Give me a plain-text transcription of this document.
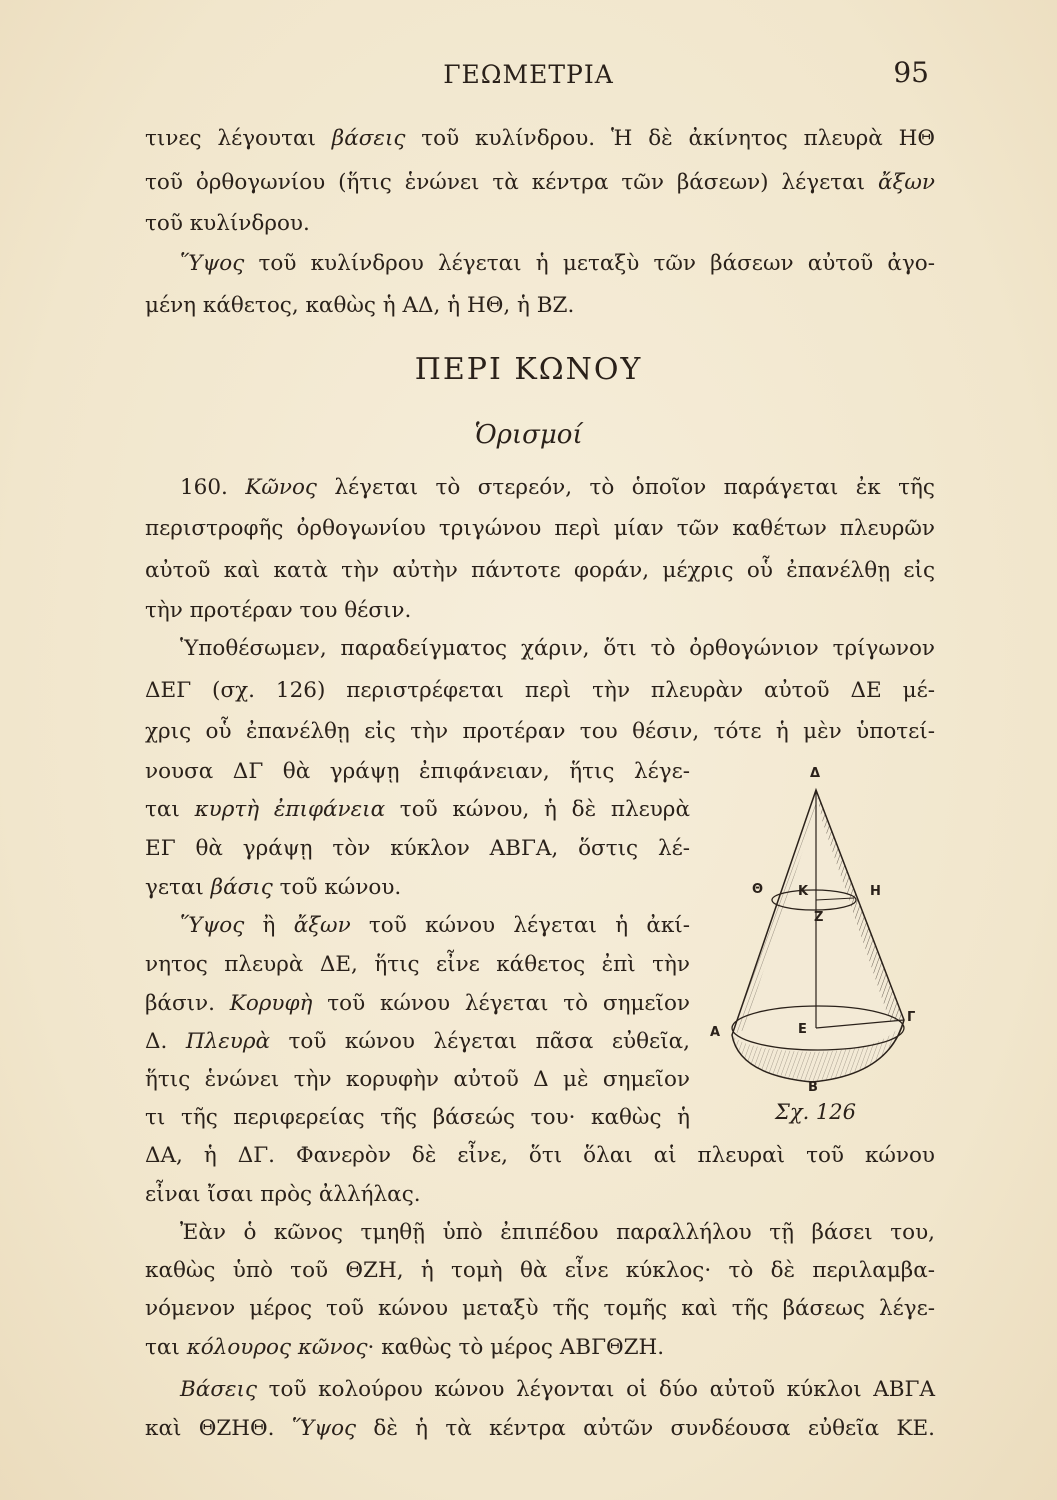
ΓΕΩΜΕΤΡΙΑ	95
τινες λέγουται βάσεις τοῦ κυλίνδρου. Ἡ δὲ ἀκίνητος πλευρὰ ΗΘ
τοῦ ὀρθογωνίου (ἥτις ἑνώνει τὰ κέντρα τῶν βάσεων) λέγεται ἄξων
τοῦ κυλίνδρου.
Ὕψος τοῦ κυλίνδρου λέγεται ἡ μεταξὺ τῶν βάσεων αὐτοῦ ἀγο-
μένη κάθετος, καθὼς ἡ ΑΔ, ἡ ΗΘ, ἡ ΒΖ.
ΠΕΡΙ ΚΩΝΟΥ
Ὁρισμοί
160. Κῶνος λέγεται τὸ στερεόν, τὸ ὁποῖον παράγεται ἐκ τῆς
περιστροφῆς ὀρθογωνίου τριγώνου περὶ μίαν τῶν καθέτων πλευρῶν
αὐτοῦ καὶ κατὰ τὴν αὐτὴν πάντοτε φοράν, μέχρις οὗ ἐπανέλθῃ εἰς
τὴν προτέραν του θέσιν.
Ὑποθέσωμεν, παραδείγματος χάριν, ὅτι τὸ ὀρθογώνιον τρίγωνον
ΔΕΓ (σχ. 126) περιστρέφεται περὶ τὴν πλευρὰν αὐτοῦ ΔΕ μέ-
χρις οὗ ἐπανέλθῃ εἰς τὴν προτέραν του θέσιν, τότε ἡ μὲν ὑποτεί-
νουσα ΔΓ θὰ γράψῃ ἐπιφάνειαν, ἥτις λέγε-
ται κυρτὴ ἐπιφάνεια τοῦ κώνου, ἡ δὲ πλευρὰ
ΕΓ θὰ γράψῃ τὸν κύκλον ΑΒΓΑ, ὅστις λέ-
γεται βάσις τοῦ κώνου.
Ὕψος ἢ ἄξων τοῦ κώνου λέγεται ἡ ἀκί-
νητος πλευρὰ ΔΕ, ἥτις εἶνε κάθετος ἐπὶ τὴν
βάσιν. Κορυφὴ τοῦ κώνου λέγεται τὸ σημεῖον
Δ. Πλευρὰ τοῦ κώνου λέγεται πᾶσα εὐθεῖα,
ἥτις ἑνώνει τὴν κορυφὴν αὐτοῦ Δ μὲ σημεῖον
τι τῆς περιφερείας τῆς βάσεώς του· καθὼς ἡ
ΔΑ, ἡ ΔΓ. Φανερὸν δὲ εἶνε, ὅτι ὅλαι αἱ πλευραὶ τοῦ κώνου
εἶναι ἴσαι πρὸς ἀλλήλας.
Ἐὰν ὁ κῶνος τμηθῇ ὑπὸ ἐπιπέδου παραλλήλου τῇ βάσει του,
καθὼς ὑπὸ τοῦ ΘΖΗ, ἡ τομὴ θὰ εἶνε κύκλος· τὸ δὲ περιλαμβα-
νόμενον μέρος τοῦ κώνου μεταξὺ τῆς τομῆς καὶ τῆς βάσεως λέγε-
ται κόλουρος κῶνος· καθὼς τὸ μέρος ΑΒΓΘΖΗ.
Βάσεις τοῦ κολούρου κώνου λέγονται οἱ δύο αὐτοῦ κύκλοι ΑΒΓΑ
καὶ ΘΖΗΘ. Ὕψος δὲ ἡ τὰ κέντρα αὐτῶν συνδέουσα εὐθεῖα ΚΕ.
Δ
Θ	Κ	Η
Ζ
Α	Ε
Γ
Β
Σχ. 126
